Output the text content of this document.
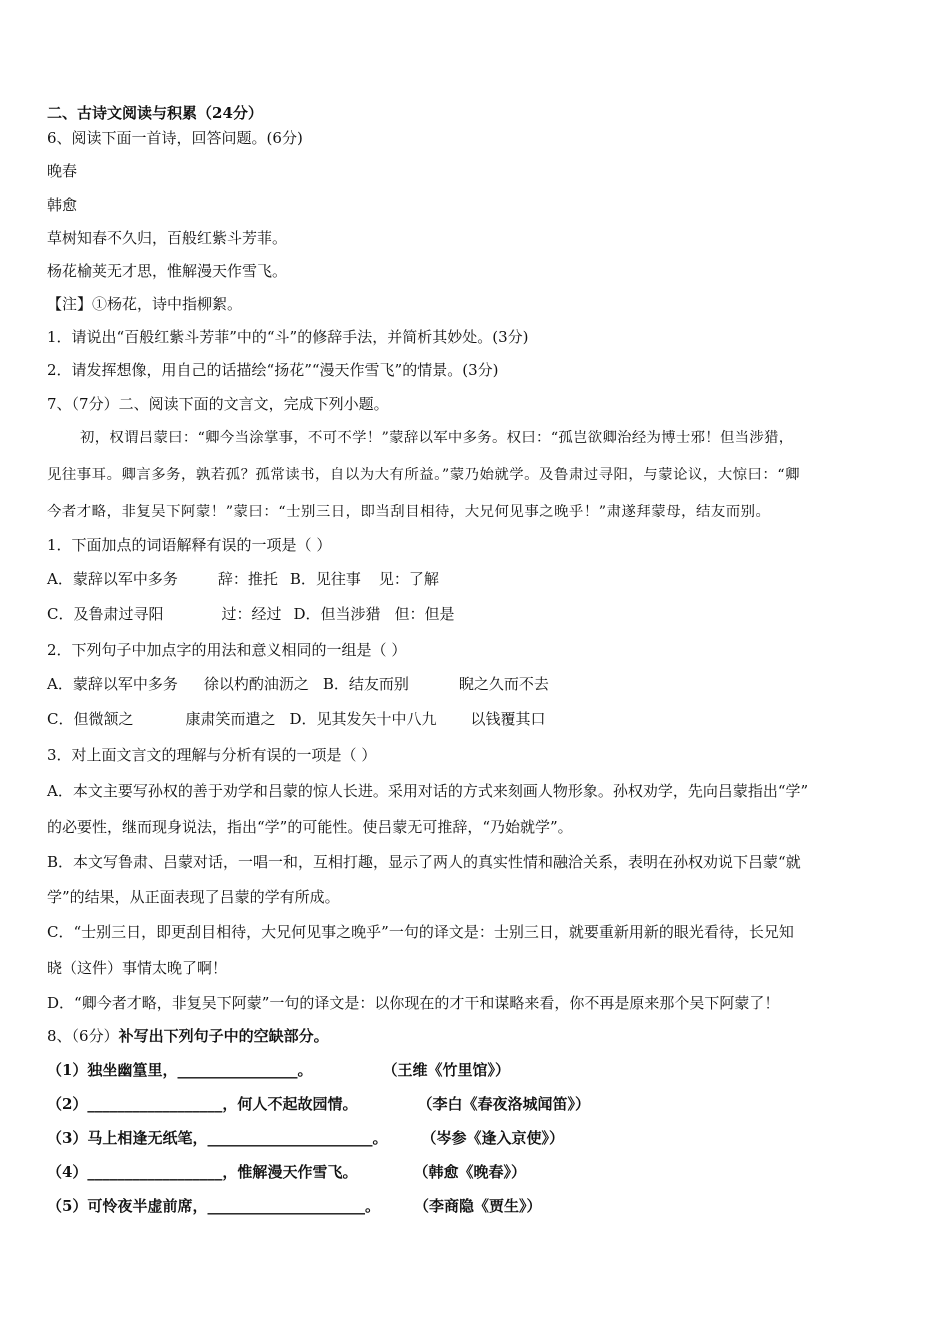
二、古诗文阅读与积累（24分）
6、阅读下面一首诗，回答问题。(6分)
晚春
韩愈
草树知春不久归，百般红紫斗芳菲。
杨花榆荚无才思，惟解漫天作雪飞。
【注】①杨花，诗中指柳絮。
1．请说出“百般红紫斗芳菲”中的“斗”的修辞手法，并简析其妙处。(3分)
2．请发挥想像，用自己的话描绘“扬花”“漫天作雪飞”的情景。(3分)
7、（7分）二、阅读下面的文言文，完成下列小题。
初，权谓吕蒙曰：“卿今当涂掌事，不可不学！”蒙辞以军中多务。权曰：“孤岂欲卿治经为博士邪！但当涉猎，
见往事耳。卿言多务，孰若孤？孤常读书，自以为大有所益。”蒙乃始就学。及鲁肃过寻阳，与蒙论议，大惊曰：“卿
今者才略，非复吴下阿蒙！”蒙曰：“士别三日，即当刮目相待，大兄何见事之晚乎！”肃遂拜蒙母，结友而别。
1．下面加点的词语解释有误的一项是（ ）
A．蒙辞以军中多务	辞：推托 B．见往事 见：了解
C．及鲁肃过寻阳	过：经过 D．但当涉猎 但：但是
2．下列句子中加点字的用法和意义相同的一组是（ ）
A．蒙辞以军中多务 徐以杓酌油沥之 B．结友而别	睨之久而不去
C．但微颔之	康肃笑而遣之 D．见其发矢十中八九 以钱覆其口
3．对上面文言文的理解与分析有误的一项是（ ）
A．本文主要写孙权的善于劝学和吕蒙的惊人长进。采用对话的方式来刻画人物形象。孙权劝学，先向吕蒙指出“学”
的必要性，继而现身说法，指出“学”的可能性。使吕蒙无可推辞，“乃始就学”。
B．本文写鲁肃、吕蒙对话，一唱一和，互相打趣，显示了两人的真实性情和融洽关系，表明在孙权劝说下吕蒙“就
学”的结果，从正面表现了吕蒙的学有所成。
C．“士别三日，即更刮目相待，大兄何见事之晚乎”一句的译文是：士别三日，就要重新用新的眼光看待，长兄知
晓（这件）事情太晚了啊！
D．“卿今者才略，非复吴下阿蒙”一句的译文是：以你现在的才干和谋略来看，你不再是原来那个吴下阿蒙了！
8、（6分）补写出下列句子中的空缺部分。
（1）独坐幽篁里，________________。	（王维《竹里馆》）
（2）__________________，何人不起故园情。	（李白《春夜洛城闻笛》）
（3）马上相逢无纸笔，______________________。 （岑参《逢入京使》）
（4）__________________，惟解漫天作雪飞。	（韩愈《晚春》）
（5）可怜夜半虚前席，_____________________。 （李商隐《贾生》）
